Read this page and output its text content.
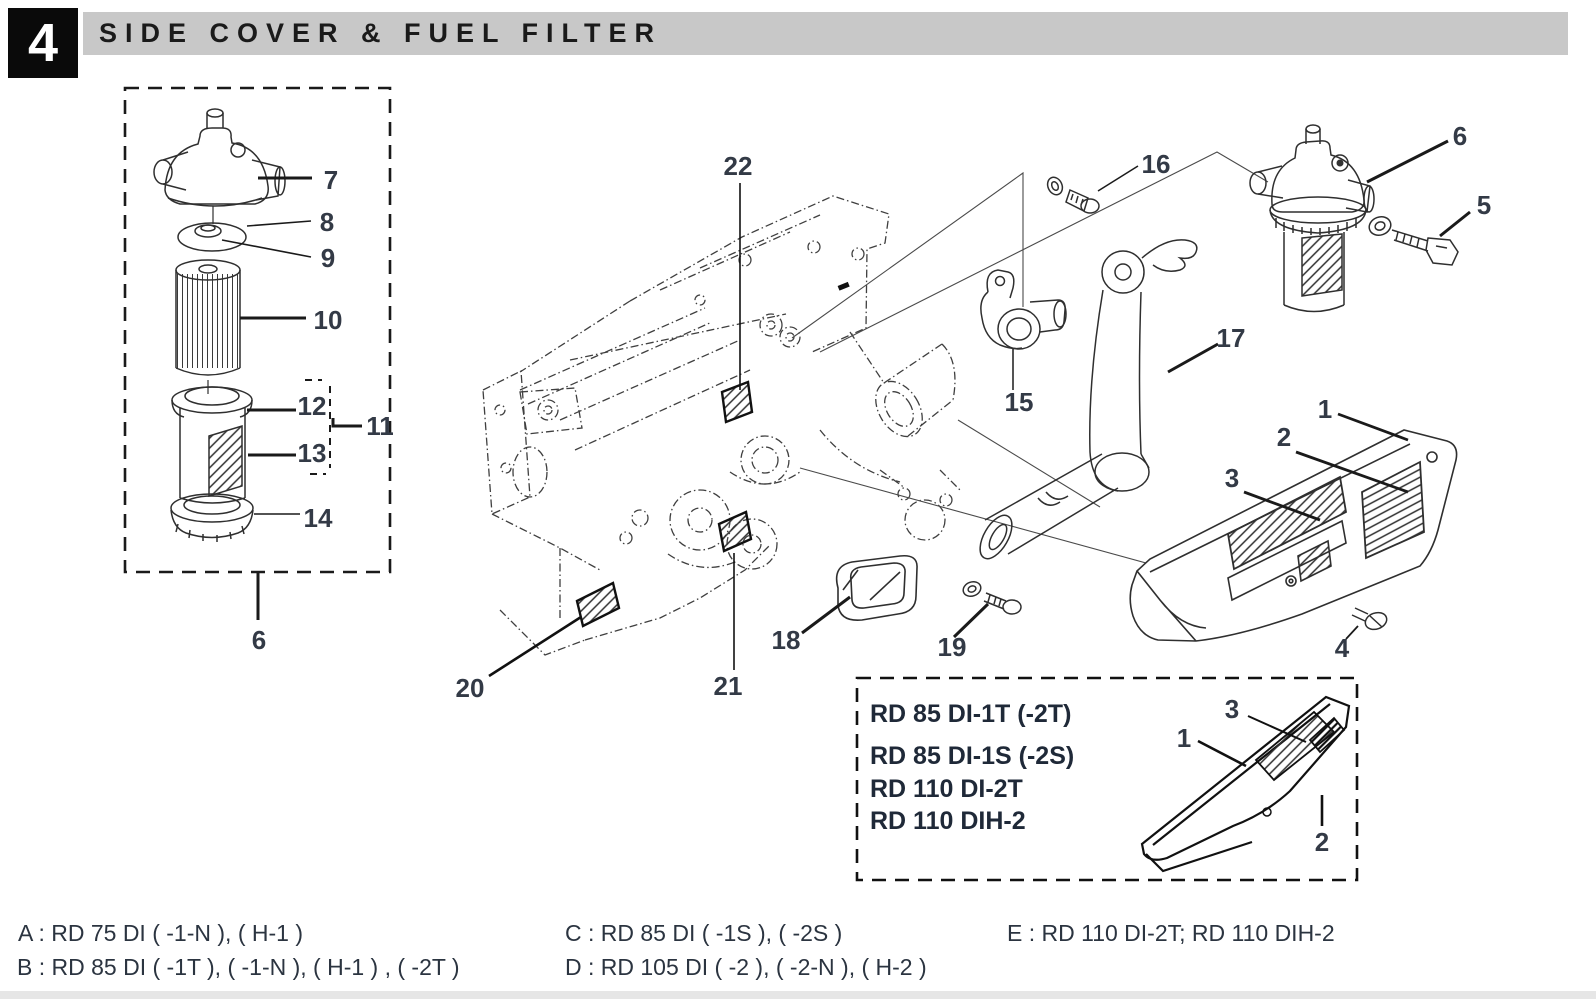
4 SIDE COVER & FUEL FILTER
7
8
9
10
12
11
13
14
6
22
20	21
18	19
15
16
17
6
5
1
2
3
4
3
1
2
RD 85 DI-1T (-2T)
RD 85 DI-1S (-2S)
RD 110 DI-2T
RD 110 DIH-2
A : RD 75 DI ( -1-N ), ( H-1 )
B : RD 85 DI ( -1T ), ( -1-N ), ( H-1 ) , ( -2T )
C : RD 85 DI ( -1S ), ( -2S )
D : RD 105 DI ( -2 ), ( -2-N ), ( H-2 )
E : RD 110 DI-2T; RD 110 DIH-2
